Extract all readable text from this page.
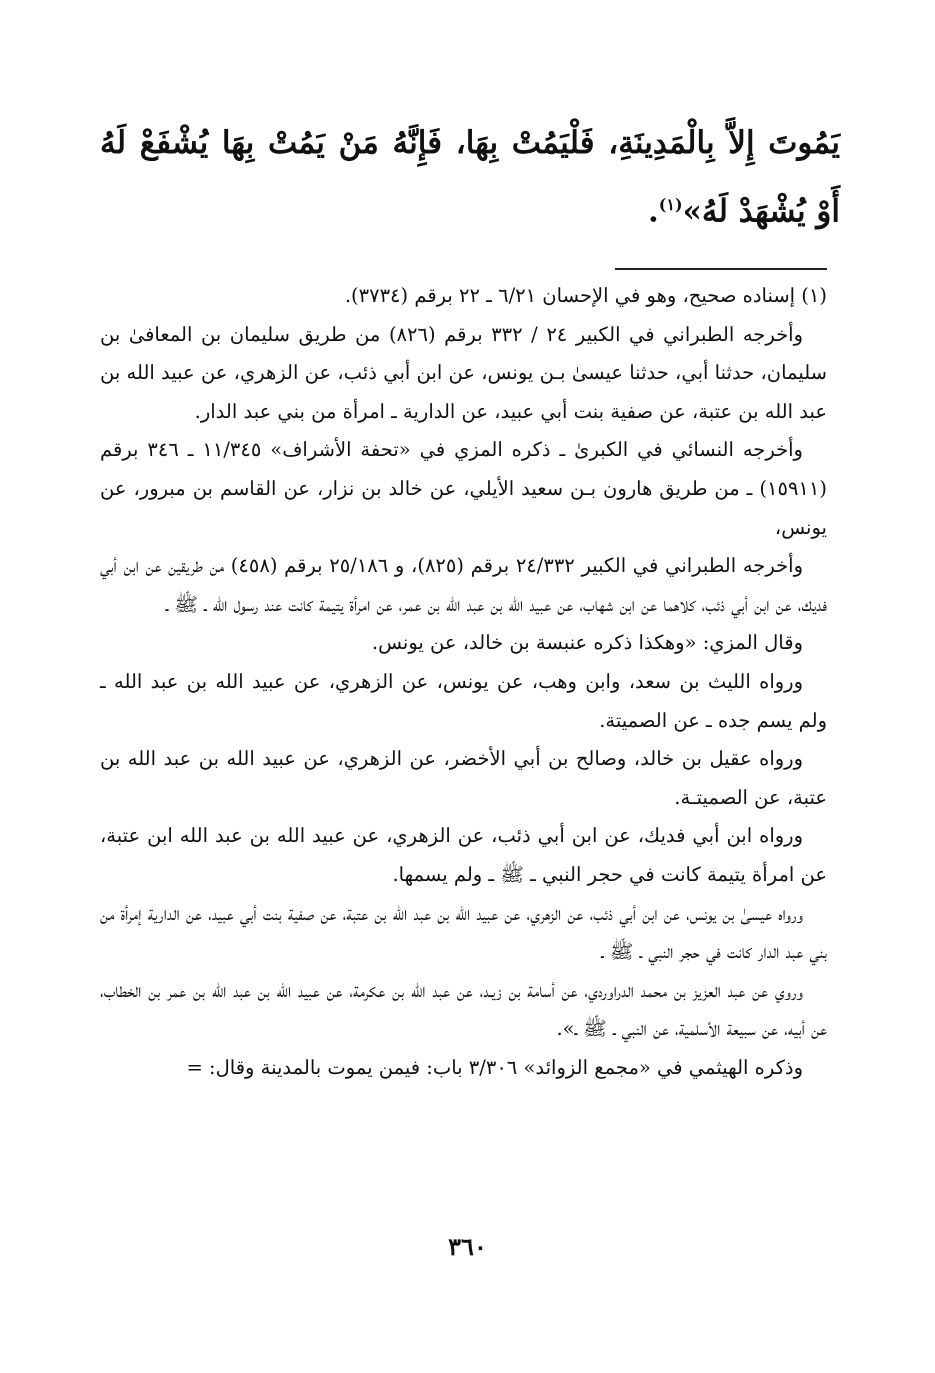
يَمُوتَ إِلاَّ بِالْمَدِينَةِ، فَلْيَمُتْ بِهَا، فَإِنَّهُ مَنْ يَمُتْ بِهَا يُشْفَعْ لَهُ أَوْ يُشْهَدْ لَهُ»$^{(١)}$.

(١) إسناده صحيح، وهو في الإحسان ٦/٢١ ـ ٢٢ برقم (٣٧٣٤).

وأخرجه الطبراني في الكبير ٢٤ / ٣٣٢ برقم (٨٢٦) من طريق سليمان بن المعافىٰ بن سليمان، حدثنا أبي، حدثنا عيسىٰ بـن يونس، عن ابن أبي ذئب، عن الزهري، عن عبيد الله بن عبد الله بن عتبة، عن صفية بنت أبي عبيد، عن الدارية ـ امرأة من بني عبد الدار.

وأخرجه النسائي في الكبرىٰ ـ ذكره المزي في «تحفة الأشراف» ١١/٣٤٥ ـ ٣٤٦ برقم (١٥٩١١) ـ من طريق هارون بـن سعيد الأيلي، عن خالد بن نزار، عن القاسم بن مبرور، عن يونس،

وأخرجه الطبراني في الكبير ٢٤/٣٣٢ برقم (٨٢٥)، و ٢٥/١٨٦ برقم (٤٥٨) من طريقين عن ابن أبي فديك، عن ابن أبي ذئب، كلاهما عن ابن شهاب، عن عبيد الله بن عبد الله بن عمر، عن امرأة يتيمة كانت عند رسول الله ـ ﷺ ـ

وقال المزي: «وهكذا ذكره عنبسة بن خالد، عن يونس.

ورواه الليث بن سعد، وابن وهب، عن يونس، عن الزهري، عن عبيد الله بن عبد الله ـ ولم يسم جده ـ عن الصميتة.

ورواه عقيل بن خالد، وصالح بن أبي الأخضر، عن الزهري، عن عبيد الله بن عبد الله بن عتبة، عن الصميتـة.

ورواه ابن أبي فديك، عن ابن أبي ذئب، عن الزهري، عن عبيد الله بن عبد الله ابن عتبة، عن امرأة يتيمة كانت في حجر النبي ـ ﷺ ـ ولم يسمها.

ورواه عيسىٰ بن يونس، عن ابن أبي ذئب، عن الزهري، عن عبيد الله بن عبد الله بن عتبة، عن صفية بنت أبي عبيد، عن الدارية إمرأة من بني عبد الدار كانت في حجر النبي ـ ﷺ ـ

وروي عن عبد العزيز بن محمد الدراوردي، عن أسامة بن زيـد، عن عبد الله بن عكرمة، عن عبيد الله بن عبد الله بن عمر بن الخطاب، عن أبيه، عن سبيعة الأسلمية، عن النبي ـ ﷺ ـ».

وذكره الهيثمي في «مجمع الزوائد» ٣/٣٠٦ باب: فيمن يموت بالمدينة وقال: =

٣٦٠
